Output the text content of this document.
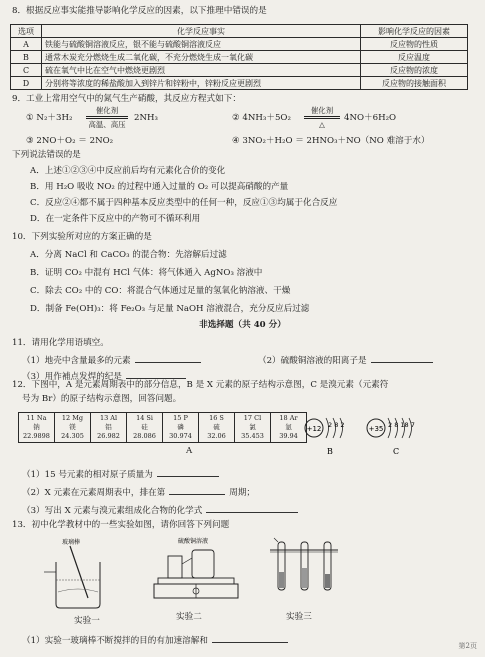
8．根据反应事实能推导影响化学反应的因素，以下推理中错误的是
选项	化学反应事实	影响化学反应的因素
A	铁能与硫酸铜溶液反应，银不能与硫酸铜溶液反应	反应物的性质
B	通常木炭充分燃烧生成二氧化碳，不充分燃烧生成一氧化碳	反应温度
C	硫在氧气中比在空气中燃烧更剧烈	反应物的浓度
D	分别将等浓度的稀盐酸加入到锌片和锌粉中，锌粉反应更剧烈	反应物的接触面积
9．工业上常用空气中的氮气生产硝酸，其反应方程式如下：
① N₂＋3H₂
催化剂
高温、高压
2NH₃	② 4NH₃＋5O₂
催化剂
△
4NO＋6H₂O
③ 2NO＋O₂ ＝ 2NO₂	④ 3NO₂＋H₂O ＝ 2HNO₃＋NO（NO 难溶于水）
下列说法错误的是
A．上述①②③④中反应前后均有元素化合价的变化
B．用 H₂O 吸收 NO₂ 的过程中通入过量的 O₂ 可以提高硝酸的产量
C．反应②④都不属于四种基本反应类型中的任何一种，反应①③均属于化合反应
D．在一定条件下反应中的产物可不循环利用
10．下列实验所对应的方案正确的是
A．分离 NaCl 和 CaCO₃ 的混合物：先溶解后过滤
B．证明 CO₂ 中混有 HCl 气体：将气体通入 AgNO₃ 溶液中
C．除去 CO₂ 中的 CO：将混合气体通过足量的氢氧化钠溶液、干燥
D．制备 Fe(OH)₃：将 Fe₂O₃ 与足量 NaOH 溶液混合，充分反应后过滤
非选择题（共 40 分）
11．请用化学用语填空。
（1）地壳中含量最多的元素	（2）硫酸铜溶液的阳离子是
（3）用作補点发焊的纪是
12．下图中，A 是元素周期表中的部分信息，B 是 X 元素的原子结构示意图，C 是溴元素（元素符
号为 Br）的原子结构示意图，回答问题。
11 Na
钠
22.9898

12 Mg
镁
24.305

13 Al
铝
26.982

14 Si
硅
28.086

15 P
磷
30.974

16 S
硫
32.06

17 Cl
氯
35.453

18 Ar
氩
39.94
+12 2 8 2
B
+35 2 8 18 7
C
A
（1）15 号元素的相对原子质量为
（2）X 元素在元素周期表中，排在第	周期；
（3）写出 X 元素与溴元素组成化合物的化学式
13．初中化学教材中的一些实验如图，请你回答下列问题
玻璃棒	硫酸铜溶液
实验一	实验二	实验三
（1）实验一玻璃棒不断搅拌的目的有加速溶解和	第2页
